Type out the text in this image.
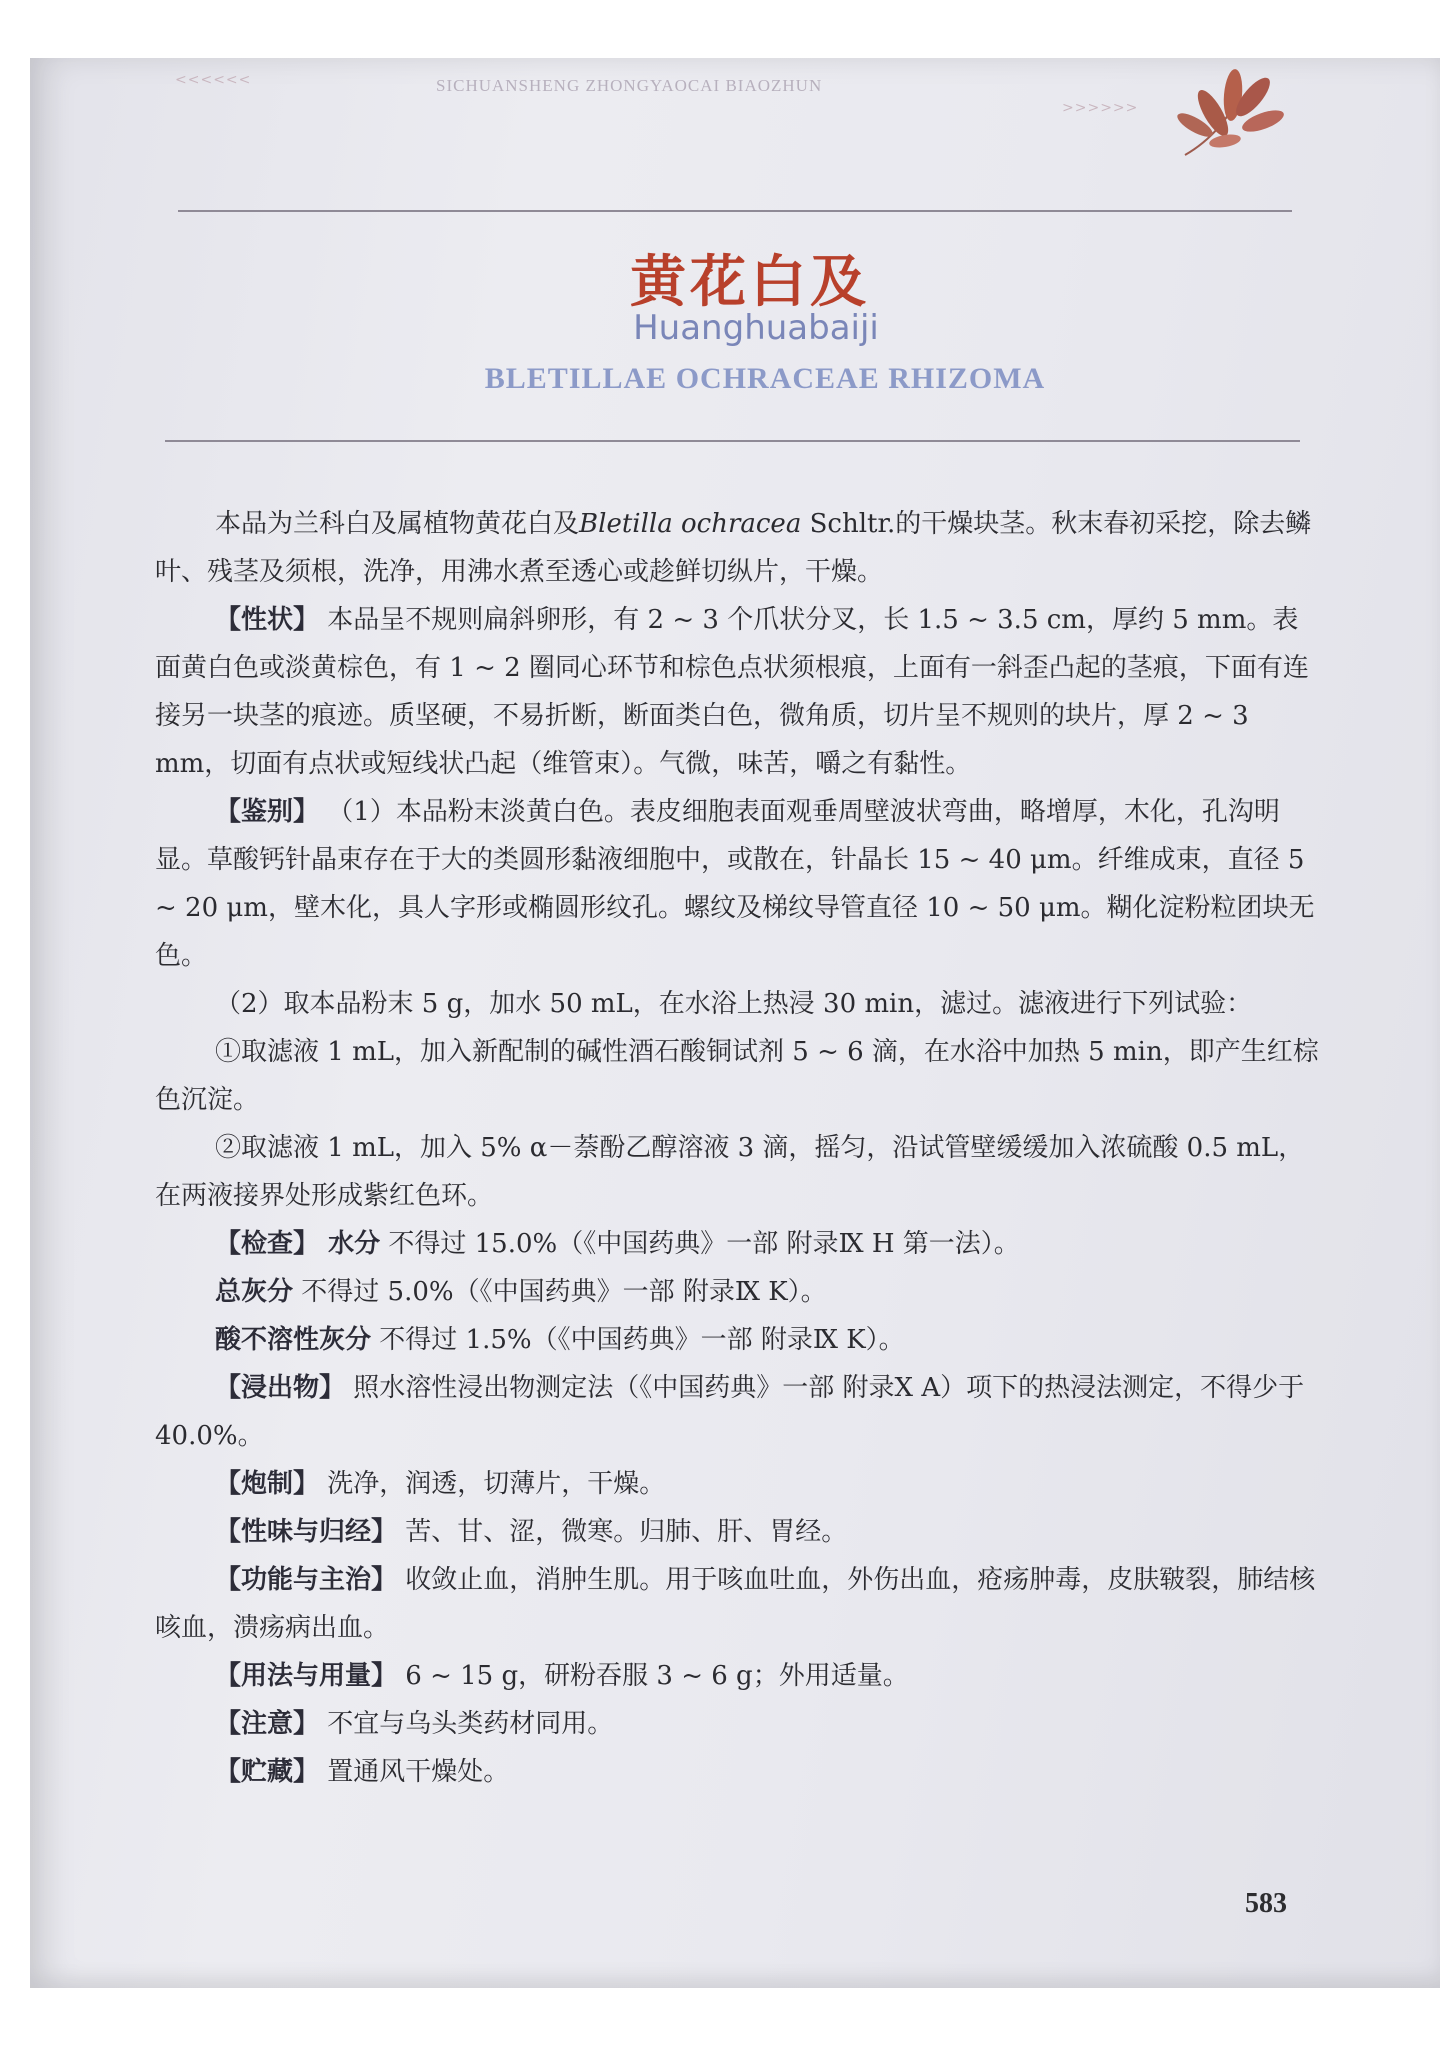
<<<<<<	SICHUANSHENG ZHONGYAOCAI BIAOZHUN
>>>>>>
黄花白及
Huanghuabaiji
BLETILLAE OCHRACEAE RHIZOMA

本品为兰科白及属植物黄花白及Bletilla ochracea Schltr.的干燥块茎。秋末春初采挖，除去鳞叶、残茎及须根，洗净，用沸水煮至透心或趁鲜切纵片，干燥。

【性状】 本品呈不规则扁斜卵形，有 2 ~ 3 个爪状分叉，长 1.5 ~ 3.5 cm，厚约 5 mm。表面黄白色或淡黄棕色，有 1 ~ 2 圈同心环节和棕色点状须根痕，上面有一斜歪凸起的茎痕，下面有连接另一块茎的痕迹。质坚硬，不易折断，断面类白色，微角质，切片呈不规则的块片，厚 2 ~ 3 mm，切面有点状或短线状凸起（维管束）。气微，味苦，嚼之有黏性。

【鉴别】 （1）本品粉末淡黄白色。表皮细胞表面观垂周壁波状弯曲，略增厚，木化，孔沟明显。草酸钙针晶束存在于大的类圆形黏液细胞中，或散在，针晶长 15 ~ 40 μm。纤维成束，直径 5 ~ 20 μm，壁木化，具人字形或椭圆形纹孔。螺纹及梯纹导管直径 10 ~ 50 μm。糊化淀粉粒团块无色。

（2）取本品粉末 5 g，加水 50 mL，在水浴上热浸 30 min，滤过。滤液进行下列试验：

①取滤液 1 mL，加入新配制的碱性酒石酸铜试剂 5 ~ 6 滴，在水浴中加热 5 min，即产生红棕色沉淀。

②取滤液 1 mL，加入 5% α－萘酚乙醇溶液 3 滴，摇匀，沿试管壁缓缓加入浓硫酸 0.5 mL，在两液接界处形成紫红色环。

【检查】 水分 不得过 15.0%（《中国药典》一部 附录Ⅸ H 第一法）。

总灰分 不得过 5.0%（《中国药典》一部 附录Ⅸ K）。

酸不溶性灰分 不得过 1.5%（《中国药典》一部 附录Ⅸ K）。

【浸出物】 照水溶性浸出物测定法（《中国药典》一部 附录Ⅹ A）项下的热浸法测定，不得少于 40.0%。

【炮制】 洗净，润透，切薄片，干燥。

【性味与归经】 苦、甘、涩，微寒。归肺、肝、胃经。

【功能与主治】 收敛止血，消肿生肌。用于咳血吐血，外伤出血，疮疡肿毒，皮肤皲裂，肺结核咳血，溃疡病出血。

【用法与用量】 6 ~ 15 g，研粉吞服 3 ~ 6 g；外用适量。

【注意】 不宜与乌头类药材同用。

【贮藏】 置通风干燥处。

583
